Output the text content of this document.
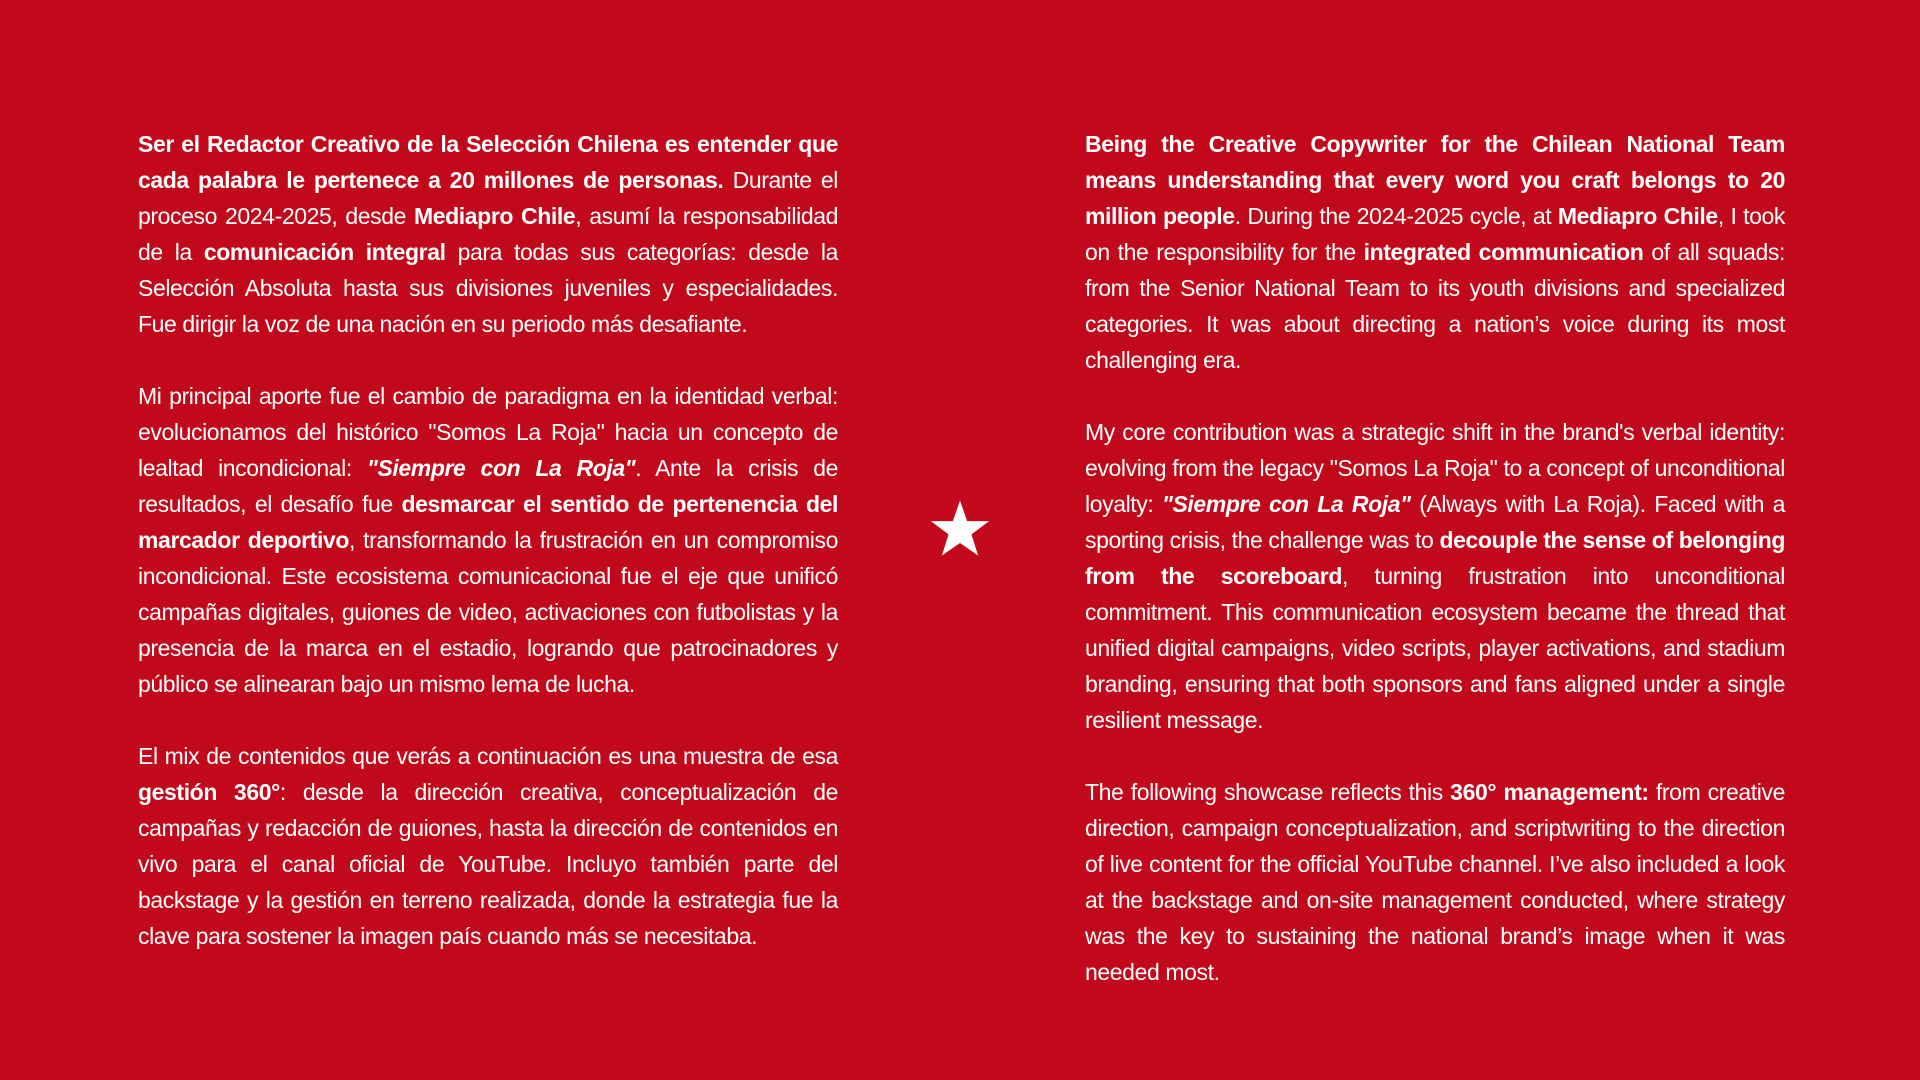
Ser el Redactor Creativo de la Selección Chilena es entender que cada palabra le pertenece a 20 millones de personas. Durante el proceso 2024-2025, desde Mediapro Chile, asumí la responsabilidad de la comunicación integral para todas sus categorías: desde la Selección Absoluta hasta sus divisiones juveniles y especialidades. Fue dirigir la voz de una nación en su periodo más desafiante.

Mi principal aporte fue el cambio de paradigma en la identidad verbal: evolucionamos del histórico "Somos La Roja" hacia un concepto de lealtad incondicional: "Siempre con La Roja". Ante la crisis de resultados, el desafío fue desmarcar el sentido de pertenencia del marcador deportivo, transformando la frustración en un compromiso incondicional. Este ecosistema comunicacional fue el eje que unificó campañas digitales, guiones de video, activaciones con futbolistas y la presencia de la marca en el estadio, logrando que patrocinadores y público se alinearan bajo un mismo lema de lucha.

El mix de contenidos que verás a continuación es una muestra de esa gestión 360°: desde la dirección creativa, conceptualización de campañas y redacción de guiones, hasta la dirección de contenidos en vivo para el canal oficial de YouTube. Incluyo también parte del backstage y la gestión en terreno realizada, donde la estrategia fue la clave para sostener la imagen país cuando más se necesitaba.

Being the Creative Copywriter for the Chilean National Team means understanding that every word you craft belongs to 20 million people. During the 2024-2025 cycle, at Mediapro Chile, I took on the responsibility for the integrated communication of all squads: from the Senior National Team to its youth divisions and specialized categories. It was about directing a nation’s voice during its most challenging era.

My core contribution was a strategic shift in the brand's verbal identity: evolving from the legacy "Somos La Roja" to a concept of unconditional loyalty: "Siempre con La Roja" (Always with La Roja). Faced with a sporting crisis, the challenge was to decouple the sense of belonging from the scoreboard, turning frustration into unconditional commitment. This communication ecosystem became the thread that unified digital campaigns, video scripts, player activations, and stadium branding, ensuring that both sponsors and fans aligned under a single resilient message.

The following showcase reflects this 360° management: from creative direction, campaign conceptualization, and scriptwriting to the direction of live content for the official YouTube channel. I’ve also included a look at the backstage and on-site management conducted, where strategy was the key to sustaining the national brand’s image when it was needed most.
